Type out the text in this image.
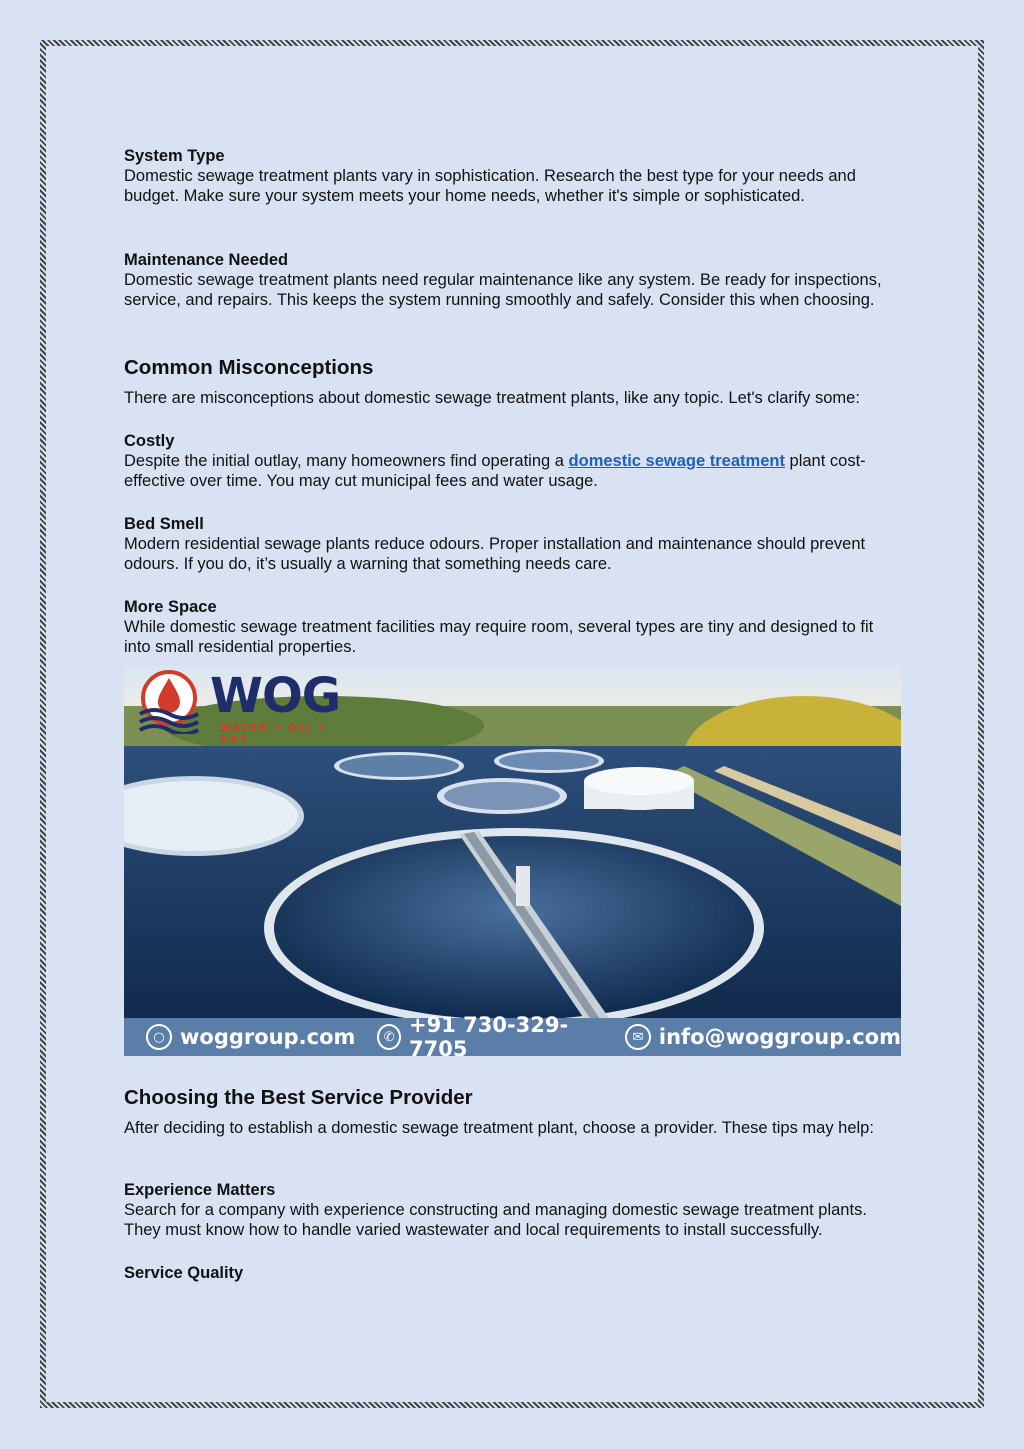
System Type

Domestic sewage treatment plants vary in sophistication. Research the best type for your needs and budget. Make sure your system meets your home needs, whether it's simple or sophisticated.

Maintenance Needed

Domestic sewage treatment plants need regular maintenance like any system. Be ready for inspections, service, and repairs. This keeps the system running smoothly and safely. Consider this when choosing.

Common Misconceptions

There are misconceptions about domestic sewage treatment plants, like any topic. Let's clarify some:

Costly

Despite the initial outlay, many homeowners find operating a domestic sewage treatment plant cost-effective over time. You may cut municipal fees and water usage.

Bed Smell

Modern residential sewage plants reduce odours. Proper installation and maintenance should prevent odours. If you do, it’s usually a warning that something needs care.

More Space

While domestic sewage treatment facilities may require room, several types are tiny and designed to fit into small residential properties.

WOG
WATER • OIL • GAS
○ woggroup.com	✆ +91 730-329-7705	✉ info@woggroup.com
Choosing the Best Service Provider

After deciding to establish a domestic sewage treatment plant, choose a provider. These tips may help:

Experience Matters

Search for a company with experience constructing and managing domestic sewage treatment plants. They must know how to handle varied wastewater and local requirements to install successfully.

Service Quality
